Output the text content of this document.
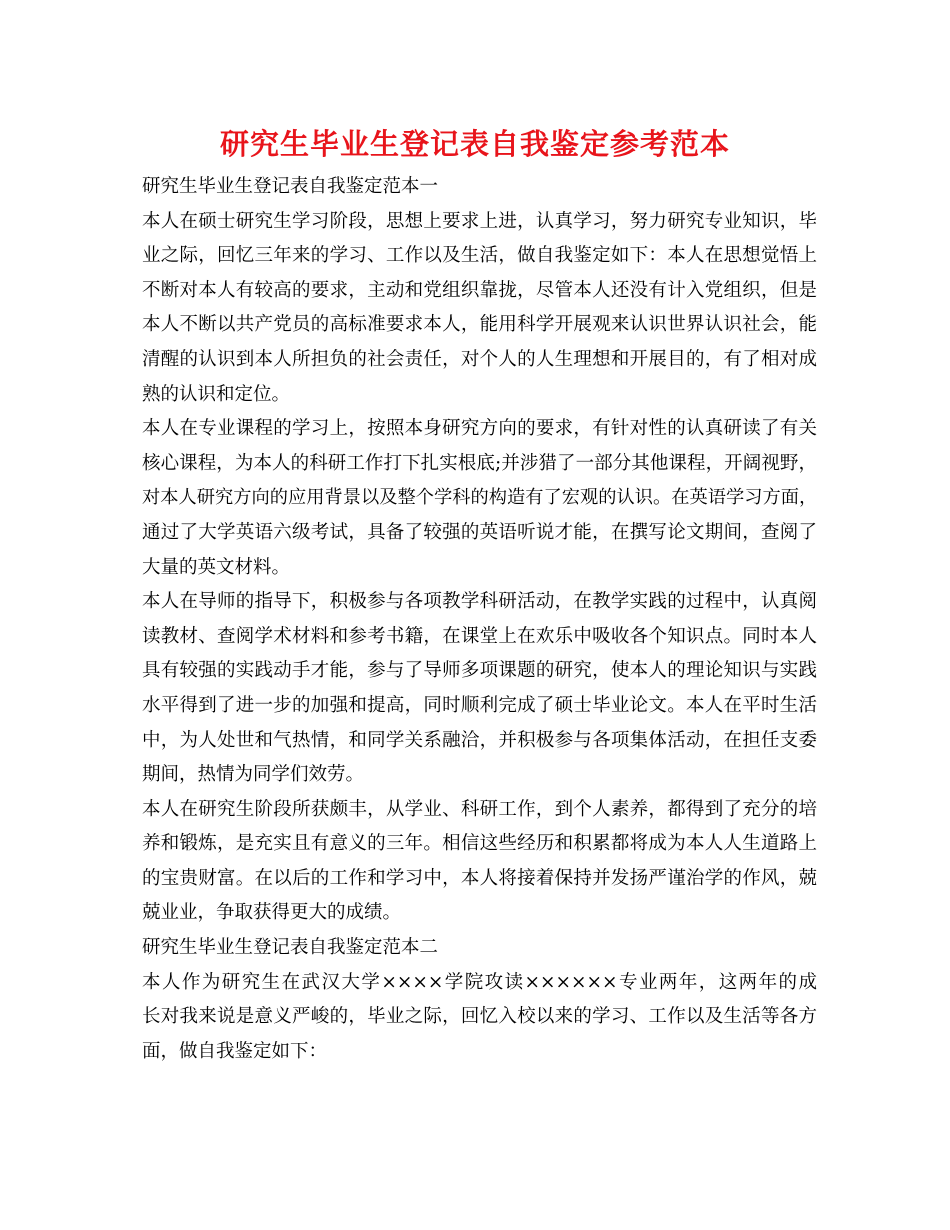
研究生毕业生登记表自我鉴定参考范本
研究生毕业生登记表自我鉴定范本一
本人在硕士研究生学习阶段，思想上要求上进，认真学习，努力研究专业知识，毕
业之际，回忆三年来的学习、工作以及生活，做自我鉴定如下：本人在思想觉悟上
不断对本人有较高的要求，主动和党组织靠拢，尽管本人还没有计入党组织，但是
本人不断以共产党员的高标准要求本人，能用科学开展观来认识世界认识社会，能
清醒的认识到本人所担负的社会责任，对个人的人生理想和开展目的，有了相对成
熟的认识和定位。
本人在专业课程的学习上，按照本身研究方向的要求，有针对性的认真研读了有关
核心课程，为本人的科研工作打下扎实根底;并涉猎了一部分其他课程，开阔视野，
对本人研究方向的应用背景以及整个学科的构造有了宏观的认识。在英语学习方面，
通过了大学英语六级考试，具备了较强的英语听说才能，在撰写论文期间，查阅了
大量的英文材料。
本人在导师的指导下，积极参与各项教学科研活动，在教学实践的过程中，认真阅
读教材、查阅学术材料和参考书籍，在课堂上在欢乐中吸收各个知识点。同时本人
具有较强的实践动手才能，参与了导师多项课题的研究，使本人的理论知识与实践
水平得到了进一步的加强和提高，同时顺利完成了硕士毕业论文。本人在平时生活
中，为人处世和气热情，和同学关系融洽，并积极参与各项集体活动，在担任支委
期间，热情为同学们效劳。
本人在研究生阶段所获颇丰，从学业、科研工作，到个人素养，都得到了充分的培
养和锻炼，是充实且有意义的三年。相信这些经历和积累都将成为本人人生道路上
的宝贵财富。在以后的工作和学习中，本人将接着保持并发扬严谨治学的作风，兢
兢业业，争取获得更大的成绩。
研究生毕业生登记表自我鉴定范本二
本人作为研究生在武汉大学××××学院攻读××××××专业两年，这两年的成
长对我来说是意义严峻的，毕业之际，回忆入校以来的学习、工作以及生活等各方
面，做自我鉴定如下：
